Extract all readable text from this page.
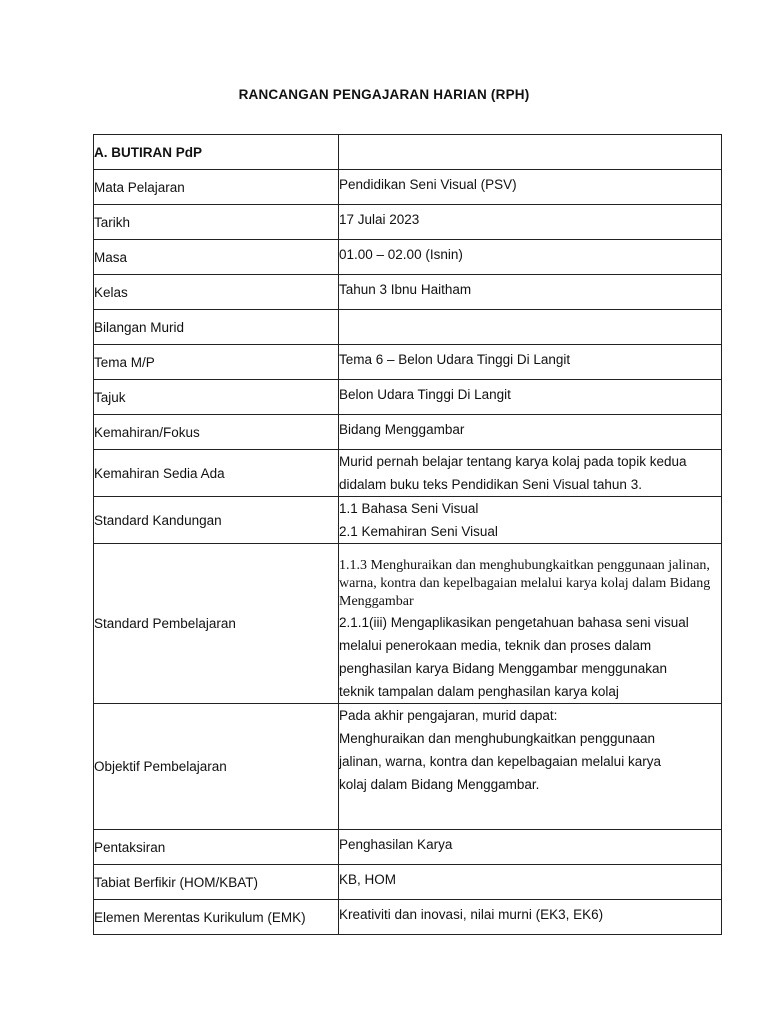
RANCANGAN PENGAJARAN HARIAN (RPH)
A. BUTIRAN PdP	

Mata Pelajaran	Pendidikan Seni Visual (PSV)

Tarikh	17 Julai 2023

Masa	01.00 – 02.00 (Isnin)

Kelas	Tahun 3 Ibnu Haitham

Bilangan Murid	

Tema M/P	Tema 6 – Belon Udara Tinggi Di Langit

Tajuk	Belon Udara Tinggi Di Langit

Kemahiran/Fokus	Bidang Menggambar

Kemahiran Sedia Ada	Murid pernah belajar tentang karya kolaj pada topik kedua
didalam buku teks Pendidikan Seni Visual tahun 3.

Standard Kandungan	1.1 Bahasa Seni Visual
2.1 Kemahiran Seni Visual

Standard Pembelajaran	1.1.3 Menghuraikan dan menghubungkaitkan penggunaan jalinan, warna, kontra dan kepelbagaian melalui karya kolaj dalam Bidang Menggambar
2.1.1(iii) Mengaplikasikan pengetahuan bahasa seni visual
melalui penerokaan media, teknik dan proses dalam
penghasilan karya Bidang Menggambar menggunakan
teknik tampalan dalam penghasilan karya kolaj

Objektif Pembelajaran	Pada akhir pengajaran, murid dapat:
Menghuraikan dan menghubungkaitkan penggunaan
jalinan, warna, kontra dan kepelbagaian melalui karya
kolaj dalam Bidang Menggambar.

Pentaksiran	Penghasilan Karya

Tabiat Berfikir (HOM/KBAT)	KB, HOM

Elemen Merentas Kurikulum (EMK)	Kreativiti dan inovasi, nilai murni (EK3, EK6)
